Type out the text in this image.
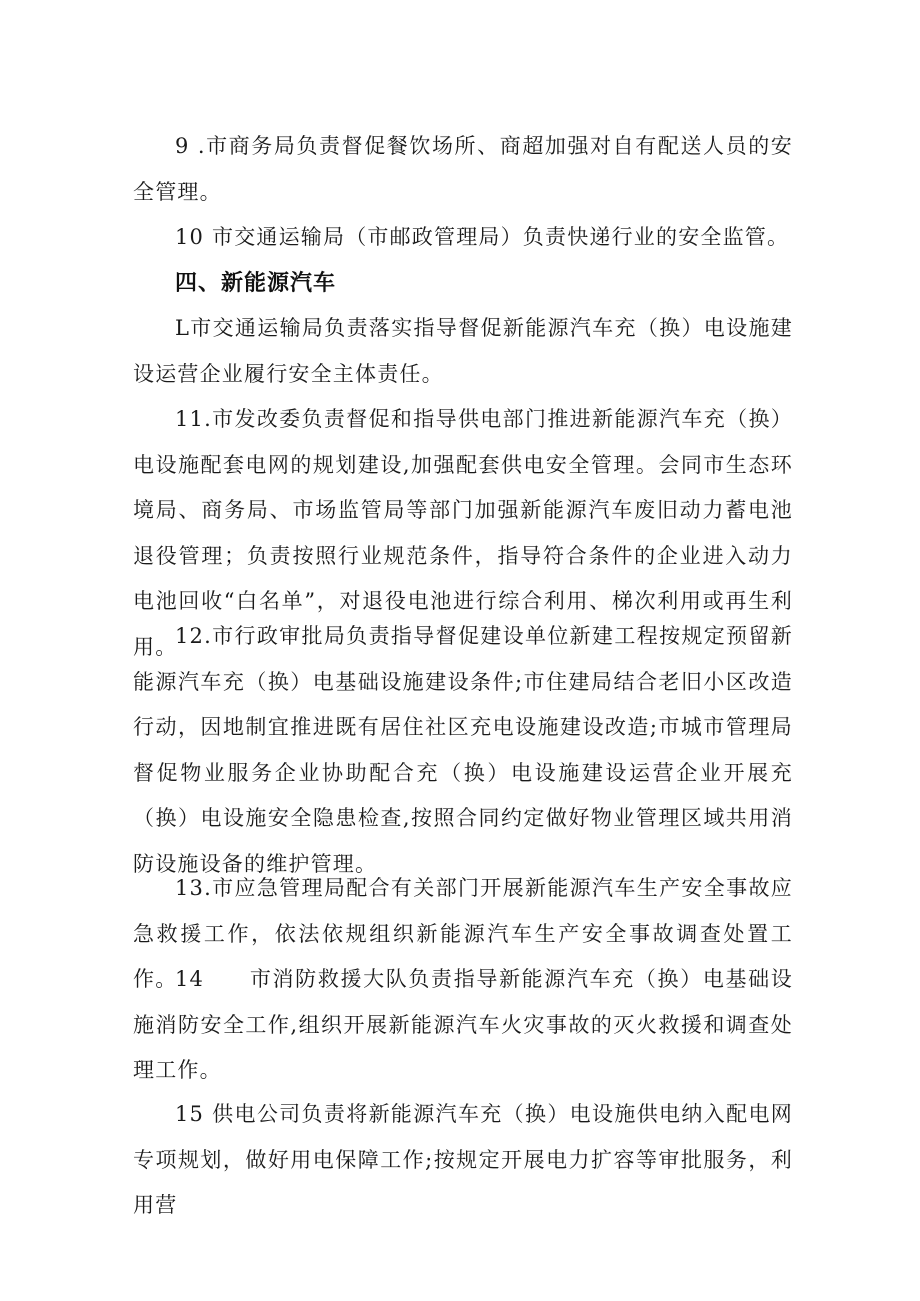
9 .市商务局负责督促餐饮场所、商超加强对自有配送人员的安全管理。

10 市交通运输局（市邮政管理局）负责快递行业的安全监管。

四、新能源汽车

L市交通运输局负责落实指导督促新能源汽车充（换）电设施建设运营企业履行安全主体责任。

11.市发改委负责督促和指导供电部门推进新能源汽车充（换）电设施配套电网的规划建设,加强配套供电安全管理。会同市生态环境局、商务局、市场监管局等部门加强新能源汽车废旧动力蓄电池退役管理；负责按照行业规范条件，指导符合条件的企业进入动力电池回收“白名单”，对退役电池进行综合利用、梯次利用或再生利用。

12.市行政审批局负责指导督促建设单位新建工程按规定预留新能源汽车充（换）电基础设施建设条件;市住建局结合老旧小区改造行动，因地制宜推进既有居住社区充电设施建设改造;市城市管理局督促物业服务企业协助配合充（换）电设施建设运营企业开展充（换）电设施安全隐患检查,按照合同约定做好物业管理区域共用消防设施设备的维护管理。

13.市应急管理局配合有关部门开展新能源汽车生产安全事故应急救援工作，依法依规组织新能源汽车生产安全事故调查处置工作。

14　　市消防救援大队负责指导新能源汽车充（换）电基础设施消防安全工作,组织开展新能源汽车火灾事故的灭火救援和调查处理工作。

15 供电公司负责将新能源汽车充（换）电设施供电纳入配电网专项规划，做好用电保障工作;按规定开展电力扩容等审批服务，利用营
